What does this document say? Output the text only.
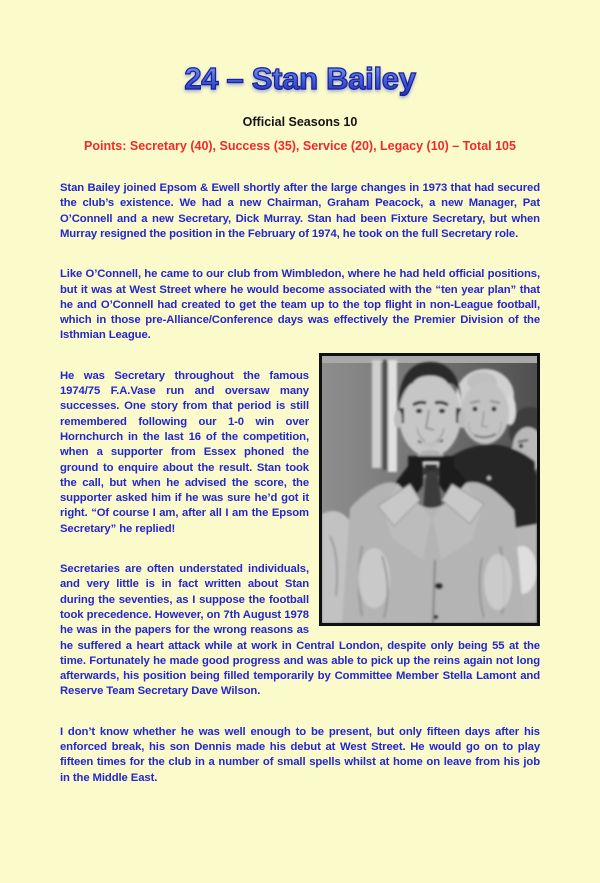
24 – Stan Bailey
Official Seasons 10
Points: Secretary (40), Success (35), Service (20), Legacy (10) – Total 105

Stan Bailey joined Epsom & Ewell shortly after the large changes in 1973 that had secured the club’s existence. We had a new Chairman, Graham Peacock, a new Manager, Pat O’Connell and a new Secretary, Dick Murray. Stan had been Fixture Secretary, but when Murray resigned the position in the February of 1974, he took on the full Secretary role.

Like O’Connell, he came to our club from Wimbledon, where he had held official positions, but it was at West Street where he would become associated with the “ten year plan” that he and O’Connell had created to get the team up to the top flight in non-League football, which in those pre-Alliance/Conference days was effectively the Premier Division of the Isthmian League.

He was Secretary throughout the famous 1974/75 F.A.Vase run and oversaw many successes. One story from that period is still remembered following our 1-0 win over Hornchurch in the last 16 of the competition, when a supporter from Essex phoned the ground to enquire about the result. Stan took the call, but when he advised the score, the supporter asked him if he was sure he’d got it right. “Of course I am, after all I am the Epsom Secretary” he replied!

Secretaries are often understated individuals, and very little is in fact written about Stan during the seventies, as I suppose the football took precedence. However, on 7th August 1978 he was in the papers for the wrong reasons as he suffered a heart attack while at work in Central London, despite only being 55 at the time. Fortunately he made good progress and was able to pick up the reins again not long afterwards, his position being filled temporarily by Committee Member Stella Lamont and Reserve Team Secretary Dave Wilson.

I don’t know whether he was well enough to be present, but only fifteen days after his enforced break, his son Dennis made his debut at West Street. He would go on to play fifteen times for the club in a number of small spells whilst at home on leave from his job in the Middle East.
